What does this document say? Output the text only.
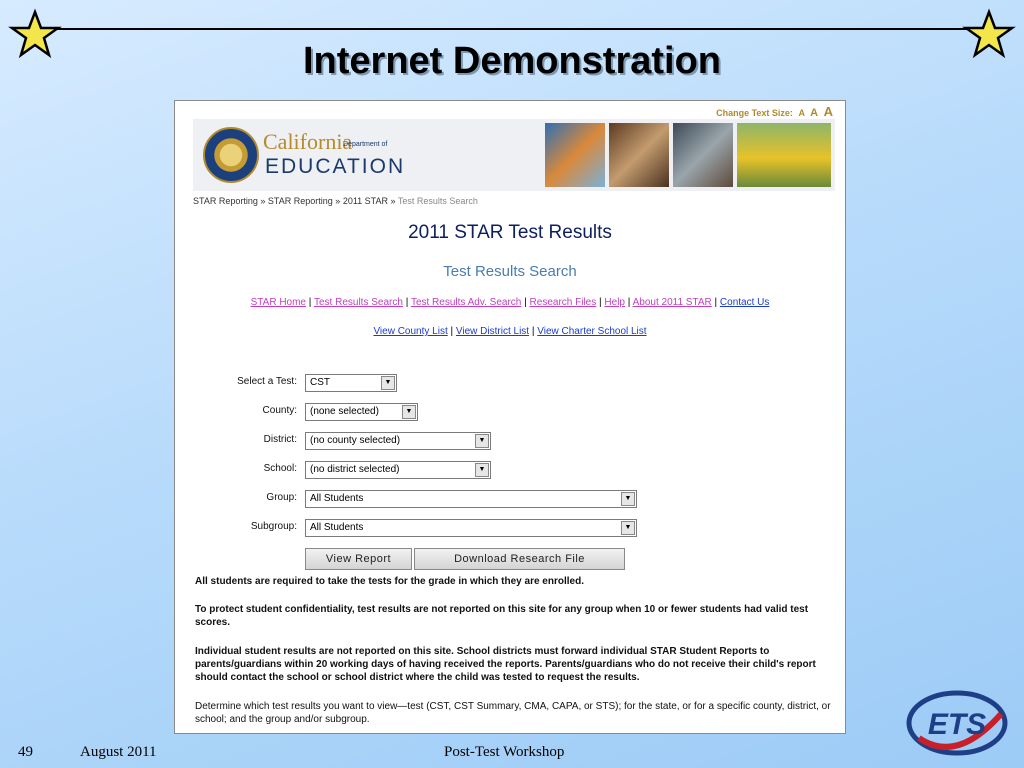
Internet Demonstration
Change Text Size: A A A
California
Department of
EDUCATION
STAR Reporting » STAR Reporting » 2011 STAR » Test Results Search
2011 STAR Test Results
Test Results Search
STAR Home | Test Results Search | Test Results Adv. Search | Research Files | Help | About 2011 STAR | Contact Us
View County List | View District List | View Charter School List
Select a Test: CST	▼
County: (none selected)	▼
District: (no county selected)	▼
School: (no district selected)	▼
Group: All Students	▼
Subgroup: All Students	▼
View Report	Download Research File
All students are required to take the tests for the grade in which they are enrolled.
To protect student confidentiality, test results are not reported on this site for any group when 10 or fewer students had valid test scores.
Individual student results are not reported on this site. School districts must forward individual STAR Student Reports to parents/guardians within 20 working days of having received the reports. Parents/guardians who do not receive their child's report should contact the school or school district where the child was tested to request the results.
Determine which test results you want to view—test (CST, CST Summary, CMA, CAPA, or STS); for the state, or for a specific county, district, or school; and the group and/or subgroup.
49	August 2011	Post-Test Workshop
ETS
